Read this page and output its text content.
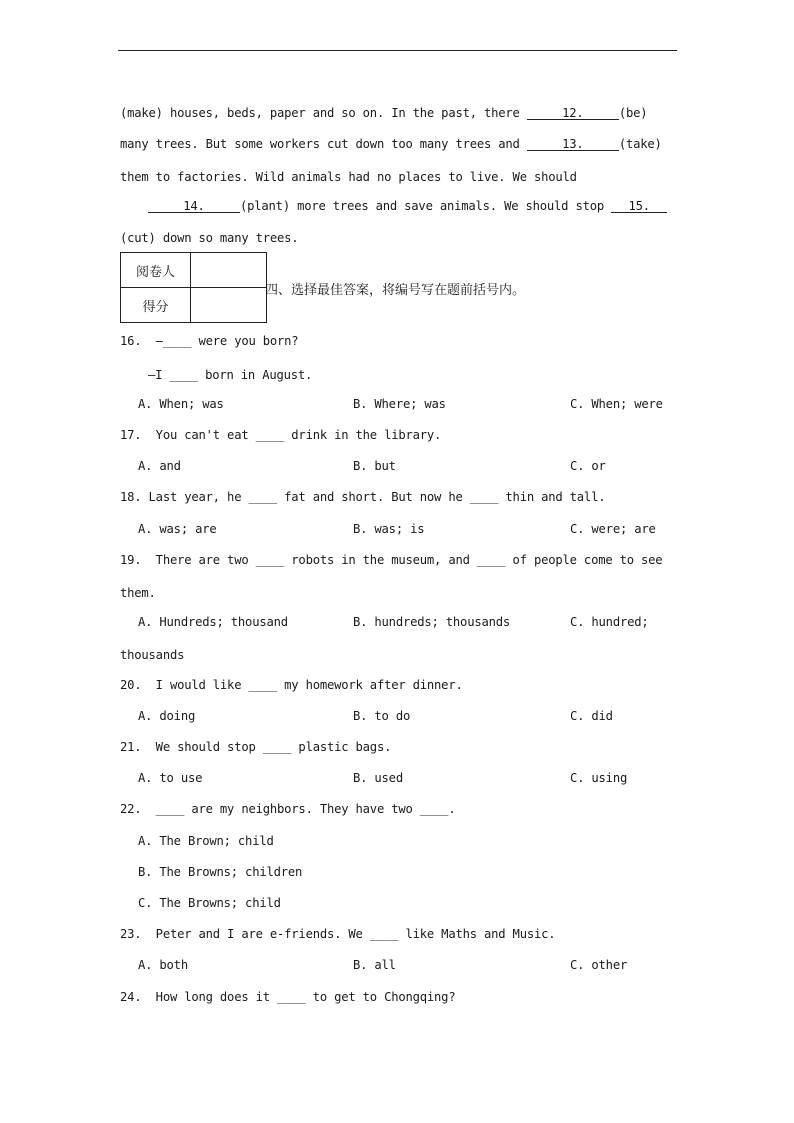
(make) houses, beds, paper and so on. In the past, there	12.	(be)
many trees. But some workers cut down too many trees and	13.	(take)
them to factories. Wild animals had no places to live. We should
14.	(plant) more trees and save animals. We should stop 15.
(cut) down so many trees.
阅卷人	
得分	
四、选择最佳答案，将编号写在题前括号内。
16.  —____ were you born?
—I ____ born in August.
A. When; was	B. Where; was	C. When; were
17.  You can't eat ____ drink in the library.
A. and	B. but	C. or
18. Last year, he ____ fat and short. But now he ____ thin and tall.
A. was; are	B. was; is	C. were; are
19.  There are two ____ robots in the museum, and ____ of people come to see
them.
A. Hundreds; thousand	B. hundreds; thousands	C. hundred;
thousands
20.  I would like ____ my homework after dinner.
A. doing	B. to do	C. did
21.  We should stop ____ plastic bags.
A. to use	B. used	C. using
22.  ____ are my neighbors. They have two ____.
A. The Brown; child
B. The Browns; children
C. The Browns; child
23.  Peter and I are e-friends. We ____ like Maths and Music.
A. both	B. all	C. other
24.  How long does it ____ to get to Chongqing?
